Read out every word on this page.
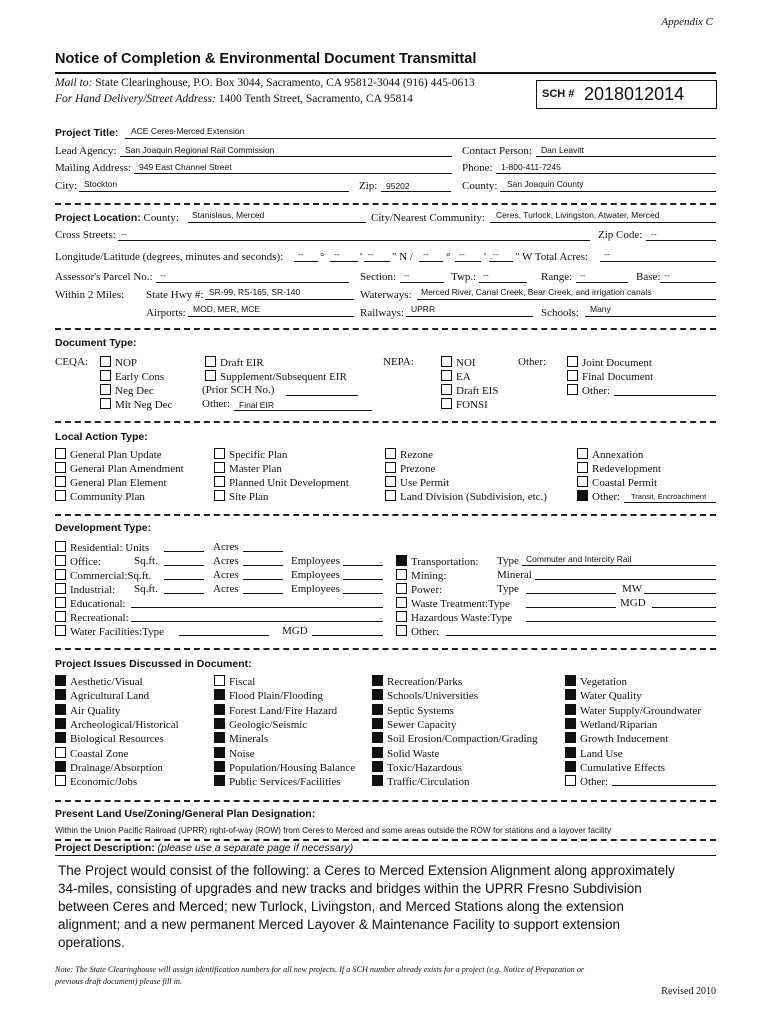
Appendix C
Notice of Completion & Environmental Document Transmittal
Mail to: State Clearinghouse, P.O. Box 3044, Sacramento, CA 95812-3044 (916) 445-0613
For Hand Delivery/Street Address: 1400 Tenth Street, Sacramento, CA 95814	SCH # 2018012014
Project Title: ACE Ceres-Merced Extension
Lead Agency: San Joaquin Regional Rail Commission	Contact Person: Dan Leavitt
Mailing Address: 949 East Channel Street	Phone: 1-800-411-7245
City: Stockton	Zip: 95202	County: San Joaquin County
Project Location: County: Stanislaus, Merced	City/Nearest Community: Ceres, Turlock, Livingston, Atwater, Merced
Cross Streets: --	Zip Code: --
Longitude/Latitude (degrees, minutes and seconds): -- ° -- ′ -- " N / -- ° -- ′ -- " W Total Acres: --
Assessor's Parcel No.: --	Section: --	Twp.: --	Range: --	Base: --
Within 2 Miles: State Hwy #: SR-99, RS-165, SR-140	Waterways: Merced River, Canal Creek, Bear Creek, and irrigation canals
Airports: MOD, MER, MCE	Railways: UPRR	Schools: Many
Document Type:
CEQA:	NOP
Early Cons
Neg Dec
Mit Neg Dec
Draft EIR
Supplement/Subsequent EIR
(Prior SCH No.)
Other: Final EIR
NEPA:	NOI
EA
Draft EIS
FONSI
Other:	Joint Document
Final Document
Other:
Local Action Type:
General Plan Update
General Plan Amendment
General Plan Element
Community Plan
Specific Plan
Master Plan
Planned Unit Development
Site Plan
Rezone
Prezone
Use Permit
Land Division (Subdivision, etc.)
Annexation
Redevelopment
Coastal Permit
Other: Transit, Encroachment
Development Type:
Residential: Units	Acres
Office:	Sq.ft.	Acres	Employees
Commercial:Sq.ft.	Acres	Employees
Industrial: Sq.ft.	Acres	Employees
Educational:
Recreational:
Water Facilities:Type	MGD
Transportation: Type Commuter and Intercity Rail
Mining:	Mineral
Power:	Type	MW
Waste Treatment:Type	MGD
Hazardous Waste:Type
Other:
Project Issues Discussed in Document:
Aesthetic/Visual
Agricultural Land
Air Quality
Archeological/Historical
Biological Resources
Coastal Zone
Drainage/Absorption
Economic/Jobs
Fiscal
Flood Plain/Flooding
Forest Land/Fire Hazard
Geologic/Seismic
Minerals
Noise
Population/Housing Balance
Public Services/Facilities
Recreation/Parks
Schools/Universities
Septic Systems
Sewer Capacity
Soil Erosion/Compaction/Grading
Solid Waste
Toxic/Hazardous
Traffic/Circulation
Vegetation
Water Quality
Water Supply/Groundwater
Wetland/Riparian
Growth Inducement
Land Use
Cumulative Effects
Other:
Present Land Use/Zoning/General Plan Designation:
Within the Union Pacific Railroad (UPRR) right-of-way (ROW) from Ceres to Merced and some areas outside the ROW for stations and a layover facility
Project Description: (please use a separate page if necessary)
The Project would consist of the following: a Ceres to Merced Extension Alignment along approximately
34-miles, consisting of upgrades and new tracks and bridges within the UPRR Fresno Subdivision
between Ceres and Merced; new Turlock, Livingston, and Merced Stations along the extension
alignment; and a new permanent Merced Layover & Maintenance Facility to support extension
operations.
Note: The State Clearinghouse will assign identification numbers for all new projects. If a SCH number already exists for a project (e.g. Notice of Preparation or
previous draft document) please fill in.
Revised 2010
